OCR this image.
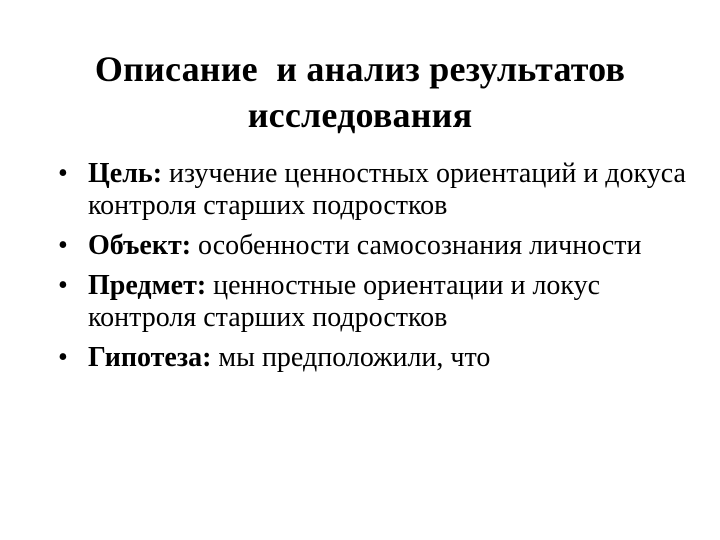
Описание  и анализ результатов
исследования
• Цель: изучение ценностных ориентаций и докуса контроля старших подростков
• Объект: особенности самосознания личности
• Предмет: ценностные ориентации и локус контроля старших подростков
• Гипотеза: мы предположили, что
